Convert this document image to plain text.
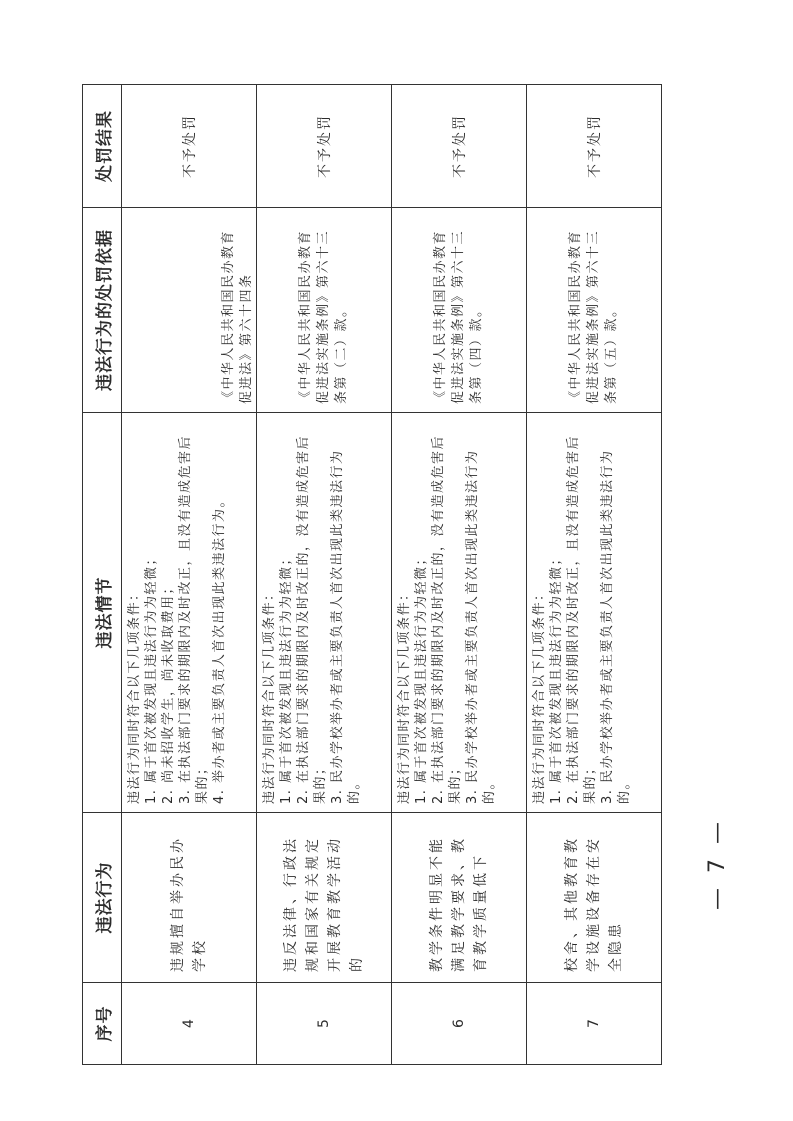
序号	违法行为	违法情节	违法行为的处罚依据	处罚结果
4	违规擅自举办民办学校	违法行为同时符合以下几项条件： 1. 属于首次被发现且违法行为为轻微； 2. 尚未招收学生，尚未收取费用； 3. 在执法部门要求的期限内及时改正，且没有造成危害后果的； 4. 举办者或主要负责人首次出现此类违法行为。	《中华人民共和国民办教育促进法》第六十四条	不予处罚
5	违反法律、行政法规和国家有关规定开展教育教学活动的	违法行为同时符合以下几项条件： 1. 属于首次被发现且违法行为为轻微； 2. 在执法部门要求的期限内及时改正的，没有造成危害后果的； 3. 民办学校举办者或主要负责人首次出现此类违法行为的。	《中华人民共和国民办教育促进法实施条例》第六十三条第（二）款。	不予处罚
6	教学条件明显不能满足教学要求、教育教学质量低下	违法行为同时符合以下几项条件： 1. 属于首次被发现且违法行为为轻微； 2. 在执法部门要求的期限内及时改正的，没有造成危害后果的； 3. 民办学校举办者或主要负责人首次出现此类违法行为的。	《中华人民共和国民办教育促进法实施条例》第六十三条第（四）款。	不予处罚
7	校舍、其他教育教学设施设备存在安全隐患	违法行为同时符合以下几项条件： 1. 属于首次被发现且违法行为为轻微； 2. 在执法部门要求的期限内及时改正，且没有造成危害后果的； 3. 民办学校举办者或主要负责人首次出现此类违法行为的。	《中华人民共和国民办教育促进法实施条例》第六十三条第（五）款。	不予处罚
— 7 —
